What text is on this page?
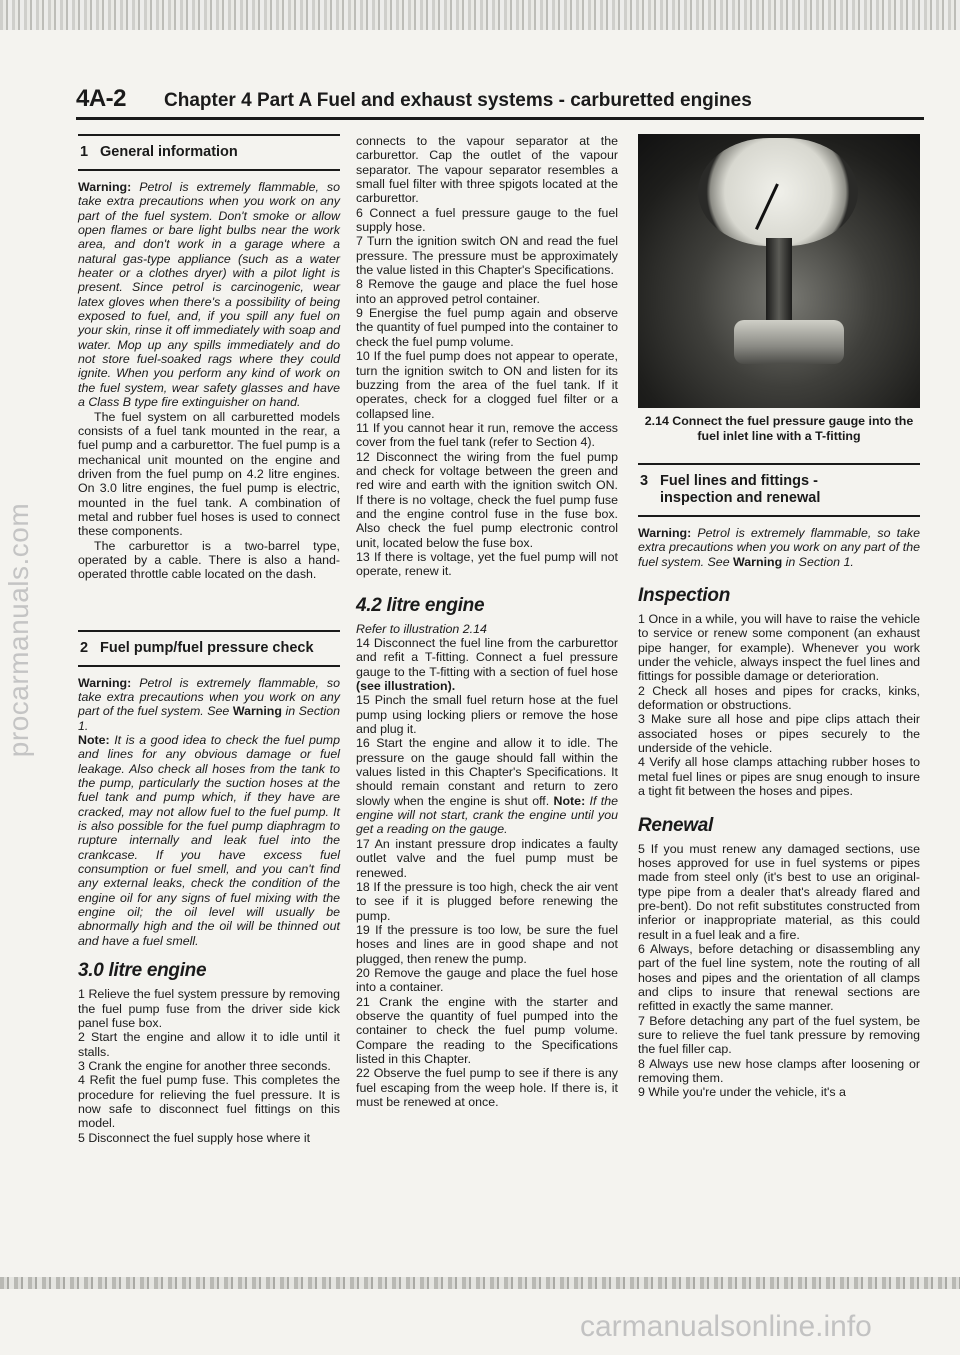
procarmanuals.com
carmanualsonline.info
4A-2 Chapter 4 Part A Fuel and exhaust systems - carburetted engines
1 General information

Warning: Petrol is extremely flammable, so take extra precautions when you work on any part of the fuel system. Don't smoke or allow open flames or bare light bulbs near the work area, and don't work in a garage where a natural gas-type appliance (such as a water heater or a clothes dryer) with a pilot light is present. Since petrol is carcinogenic, wear latex gloves when there's a possibility of being exposed to fuel, and, if you spill any fuel on your skin, rinse it off immediately with soap and water. Mop up any spills immediately and do not store fuel-soaked rags where they could ignite. When you perform any kind of work on the fuel system, wear safety glasses and have a Class B type fire extinguisher on hand.

The fuel system on all carburetted models consists of a fuel tank mounted in the rear, a fuel pump and a carburettor. The fuel pump is a mechanical unit mounted on the engine and driven from the fuel pump on 4.2 litre engines. On 3.0 litre engines, the fuel pump is electric, mounted in the fuel tank. A combination of metal and rubber fuel hoses is used to connect these components.

The carburettor is a two-barrel type, operated by a cable. There is also a hand-operated throttle cable located on the dash.

2 Fuel pump/fuel pressure check

Warning: Petrol is extremely flammable, so take extra precautions when you work on any part of the fuel system. See Warning in Section 1.

Note: It is a good idea to check the fuel pump and lines for any obvious damage or fuel leakage. Also check all hoses from the tank to the pump, particularly the suction hoses at the fuel tank and pump which, if they have are cracked, may not allow fuel to the fuel pump. It is also possible for the fuel pump diaphragm to rupture internally and leak fuel into the crankcase. If you have excess fuel consumption or fuel smell, and you can't find any external leaks, check the condition of the engine oil for any signs of fuel mixing with the engine oil; the oil level will usually be abnormally high and the oil will be thinned out and have a fuel smell.

3.0 litre engine

1 Relieve the fuel system pressure by removing the fuel pump fuse from the driver side kick panel fuse box.

2 Start the engine and allow it to idle until it stalls.

3 Crank the engine for another three seconds.

4 Refit the fuel pump fuse. This completes the procedure for relieving the fuel pressure. It is now safe to disconnect fuel fittings on this model.

5 Disconnect the fuel supply hose where it

connects to the vapour separator at the carburettor. Cap the outlet of the vapour separator. The vapour separator resembles a small fuel filter with three spigots located at the carburettor.

6 Connect a fuel pressure gauge to the fuel supply hose.

7 Turn the ignition switch ON and read the fuel pressure. The pressure must be approximately the value listed in this Chapter's Specifications.

8 Remove the gauge and place the fuel hose into an approved petrol container.

9 Energise the fuel pump again and observe the quantity of fuel pumped into the container to check the fuel pump volume.

10 If the fuel pump does not appear to operate, turn the ignition switch to ON and listen for its buzzing from the area of the fuel tank. If it operates, check for a clogged fuel filter or a collapsed line.

11 If you cannot hear it run, remove the access cover from the fuel tank (refer to Section 4).

12 Disconnect the wiring from the fuel pump and check for voltage between the green and red wire and earth with the ignition switch ON. If there is no voltage, check the fuel pump fuse and the engine control fuse in the fuse box. Also check the fuel pump electronic control unit, located below the fuse box.

13 If there is voltage, yet the fuel pump will not operate, renew it.

4.2 litre engine

Refer to illustration 2.14

14 Disconnect the fuel line from the carburettor and refit a T-fitting. Connect a fuel pressure gauge to the T-fitting with a section of fuel hose (see illustration).

15 Pinch the small fuel return hose at the fuel pump using locking pliers or remove the hose and plug it.

16 Start the engine and allow it to idle. The pressure on the gauge should fall within the values listed in this Chapter's Specifications. It should remain constant and return to zero slowly when the engine is shut off. Note: If the engine will not start, crank the engine until you get a reading on the gauge.

17 An instant pressure drop indicates a faulty outlet valve and the fuel pump must be renewed.

18 If the pressure is too high, check the air vent to see if it is plugged before renewing the pump.

19 If the pressure is too low, be sure the fuel hoses and lines are in good shape and not plugged, then renew the pump.

20 Remove the gauge and place the fuel hose into a container.

21 Crank the engine with the starter and observe the quantity of fuel pumped into the container to check the fuel pump volume. Compare the reading to the Specifications listed in this Chapter.

22 Observe the fuel pump to see if there is any fuel escaping from the weep hole. If there is, it must be renewed at once.

2.14 Connect the fuel pressure gauge into the fuel inlet line with a T-fitting

3 Fuel lines and fittings - inspection and renewal

Warning: Petrol is extremely flammable, so take extra precautions when you work on any part of the fuel system. See Warning in Section 1.

Inspection

1 Once in a while, you will have to raise the vehicle to service or renew some component (an exhaust pipe hanger, for example). Whenever you work under the vehicle, always inspect the fuel lines and fittings for possible damage or deterioration.

2 Check all hoses and pipes for cracks, kinks, deformation or obstructions.

3 Make sure all hose and pipe clips attach their associated hoses or pipes securely to the underside of the vehicle.

4 Verify all hose clamps attaching rubber hoses to metal fuel lines or pipes are snug enough to insure a tight fit between the hoses and pipes.

Renewal

5 If you must renew any damaged sections, use hoses approved for use in fuel systems or pipes made from steel only (it's best to use an original-type pipe from a dealer that's already flared and pre-bent). Do not refit substitutes constructed from inferior or inappropriate material, as this could result in a fuel leak and a fire.

6 Always, before detaching or disassembling any part of the fuel line system, note the routing of all hoses and pipes and the orientation of all clamps and clips to insure that renewal sections are refitted in exactly the same manner.

7 Before detaching any part of the fuel system, be sure to relieve the fuel tank pressure by removing the fuel filler cap.

8 Always use new hose clamps after loosening or removing them.

9 While you're under the vehicle, it's a
